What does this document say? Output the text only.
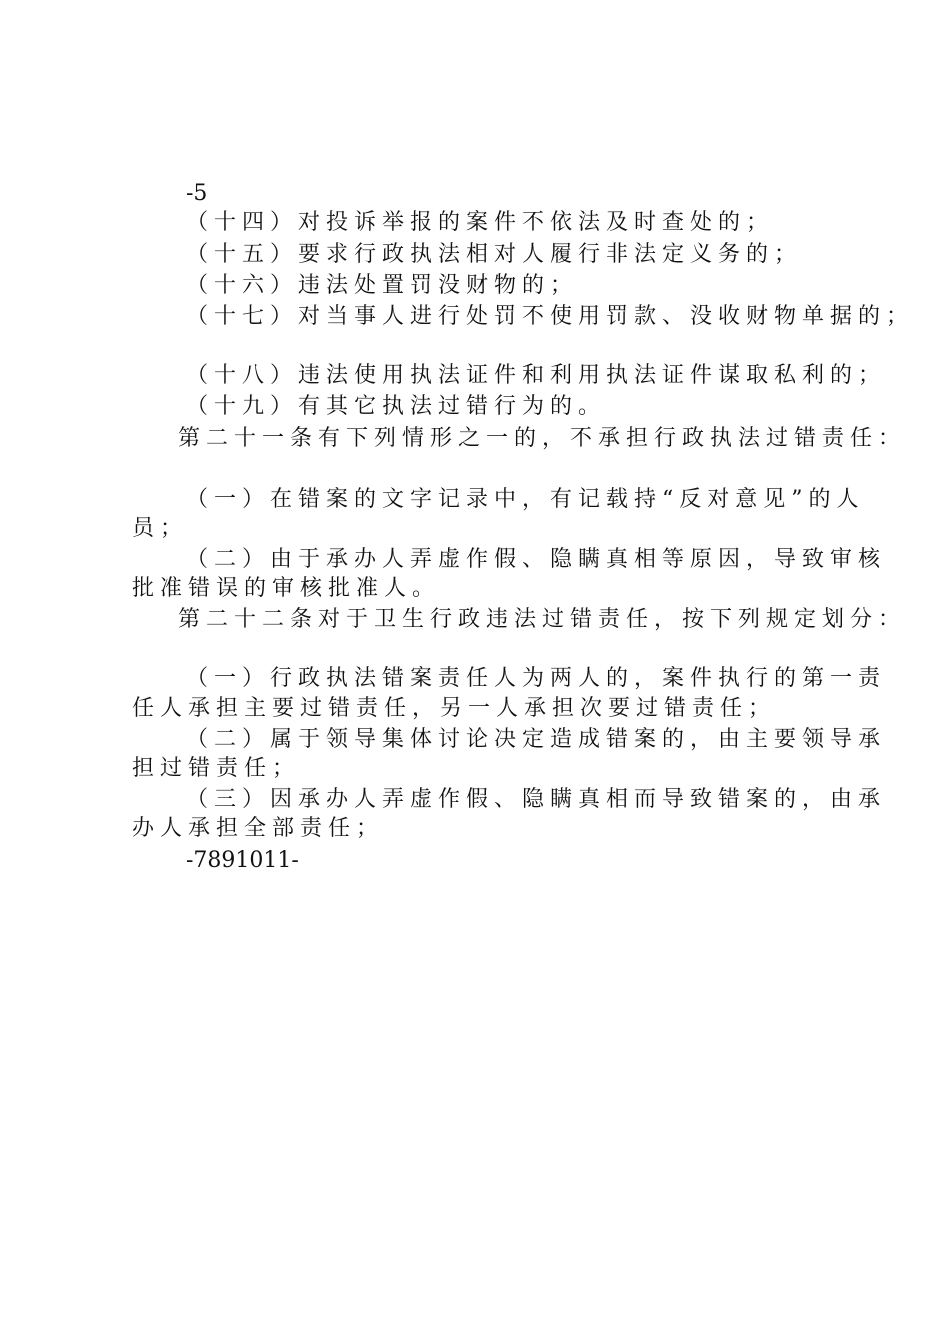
-5
（十四）对投诉举报的案件不依法及时查处的；
（十五）要求行政执法相对人履行非法定义务的；
（十六）违法处置罚没财物的；
（十七）对当事人进行处罚不使用罚款、没收财物单据的；
（十八）违法使用执法证件和利用执法证件谋取私利的；
（十九）有其它执法过错行为的。
第二十一条有下列情形之一的，不承担行政执法过错责任：
（一）在错案的文字记录中，有记载持“反对意见”的人
员；
（二）由于承办人弄虚作假、隐瞒真相等原因，导致审核
批准错误的审核批准人。
第二十二条对于卫生行政违法过错责任，按下列规定划分：
（一）行政执法错案责任人为两人的，案件执行的第一责
任人承担主要过错责任，另一人承担次要过错责任；
（二）属于领导集体讨论决定造成错案的，由主要领导承
担过错责任；
（三）因承办人弄虚作假、隐瞒真相而导致错案的，由承
办人承担全部责任；
-7891011-
